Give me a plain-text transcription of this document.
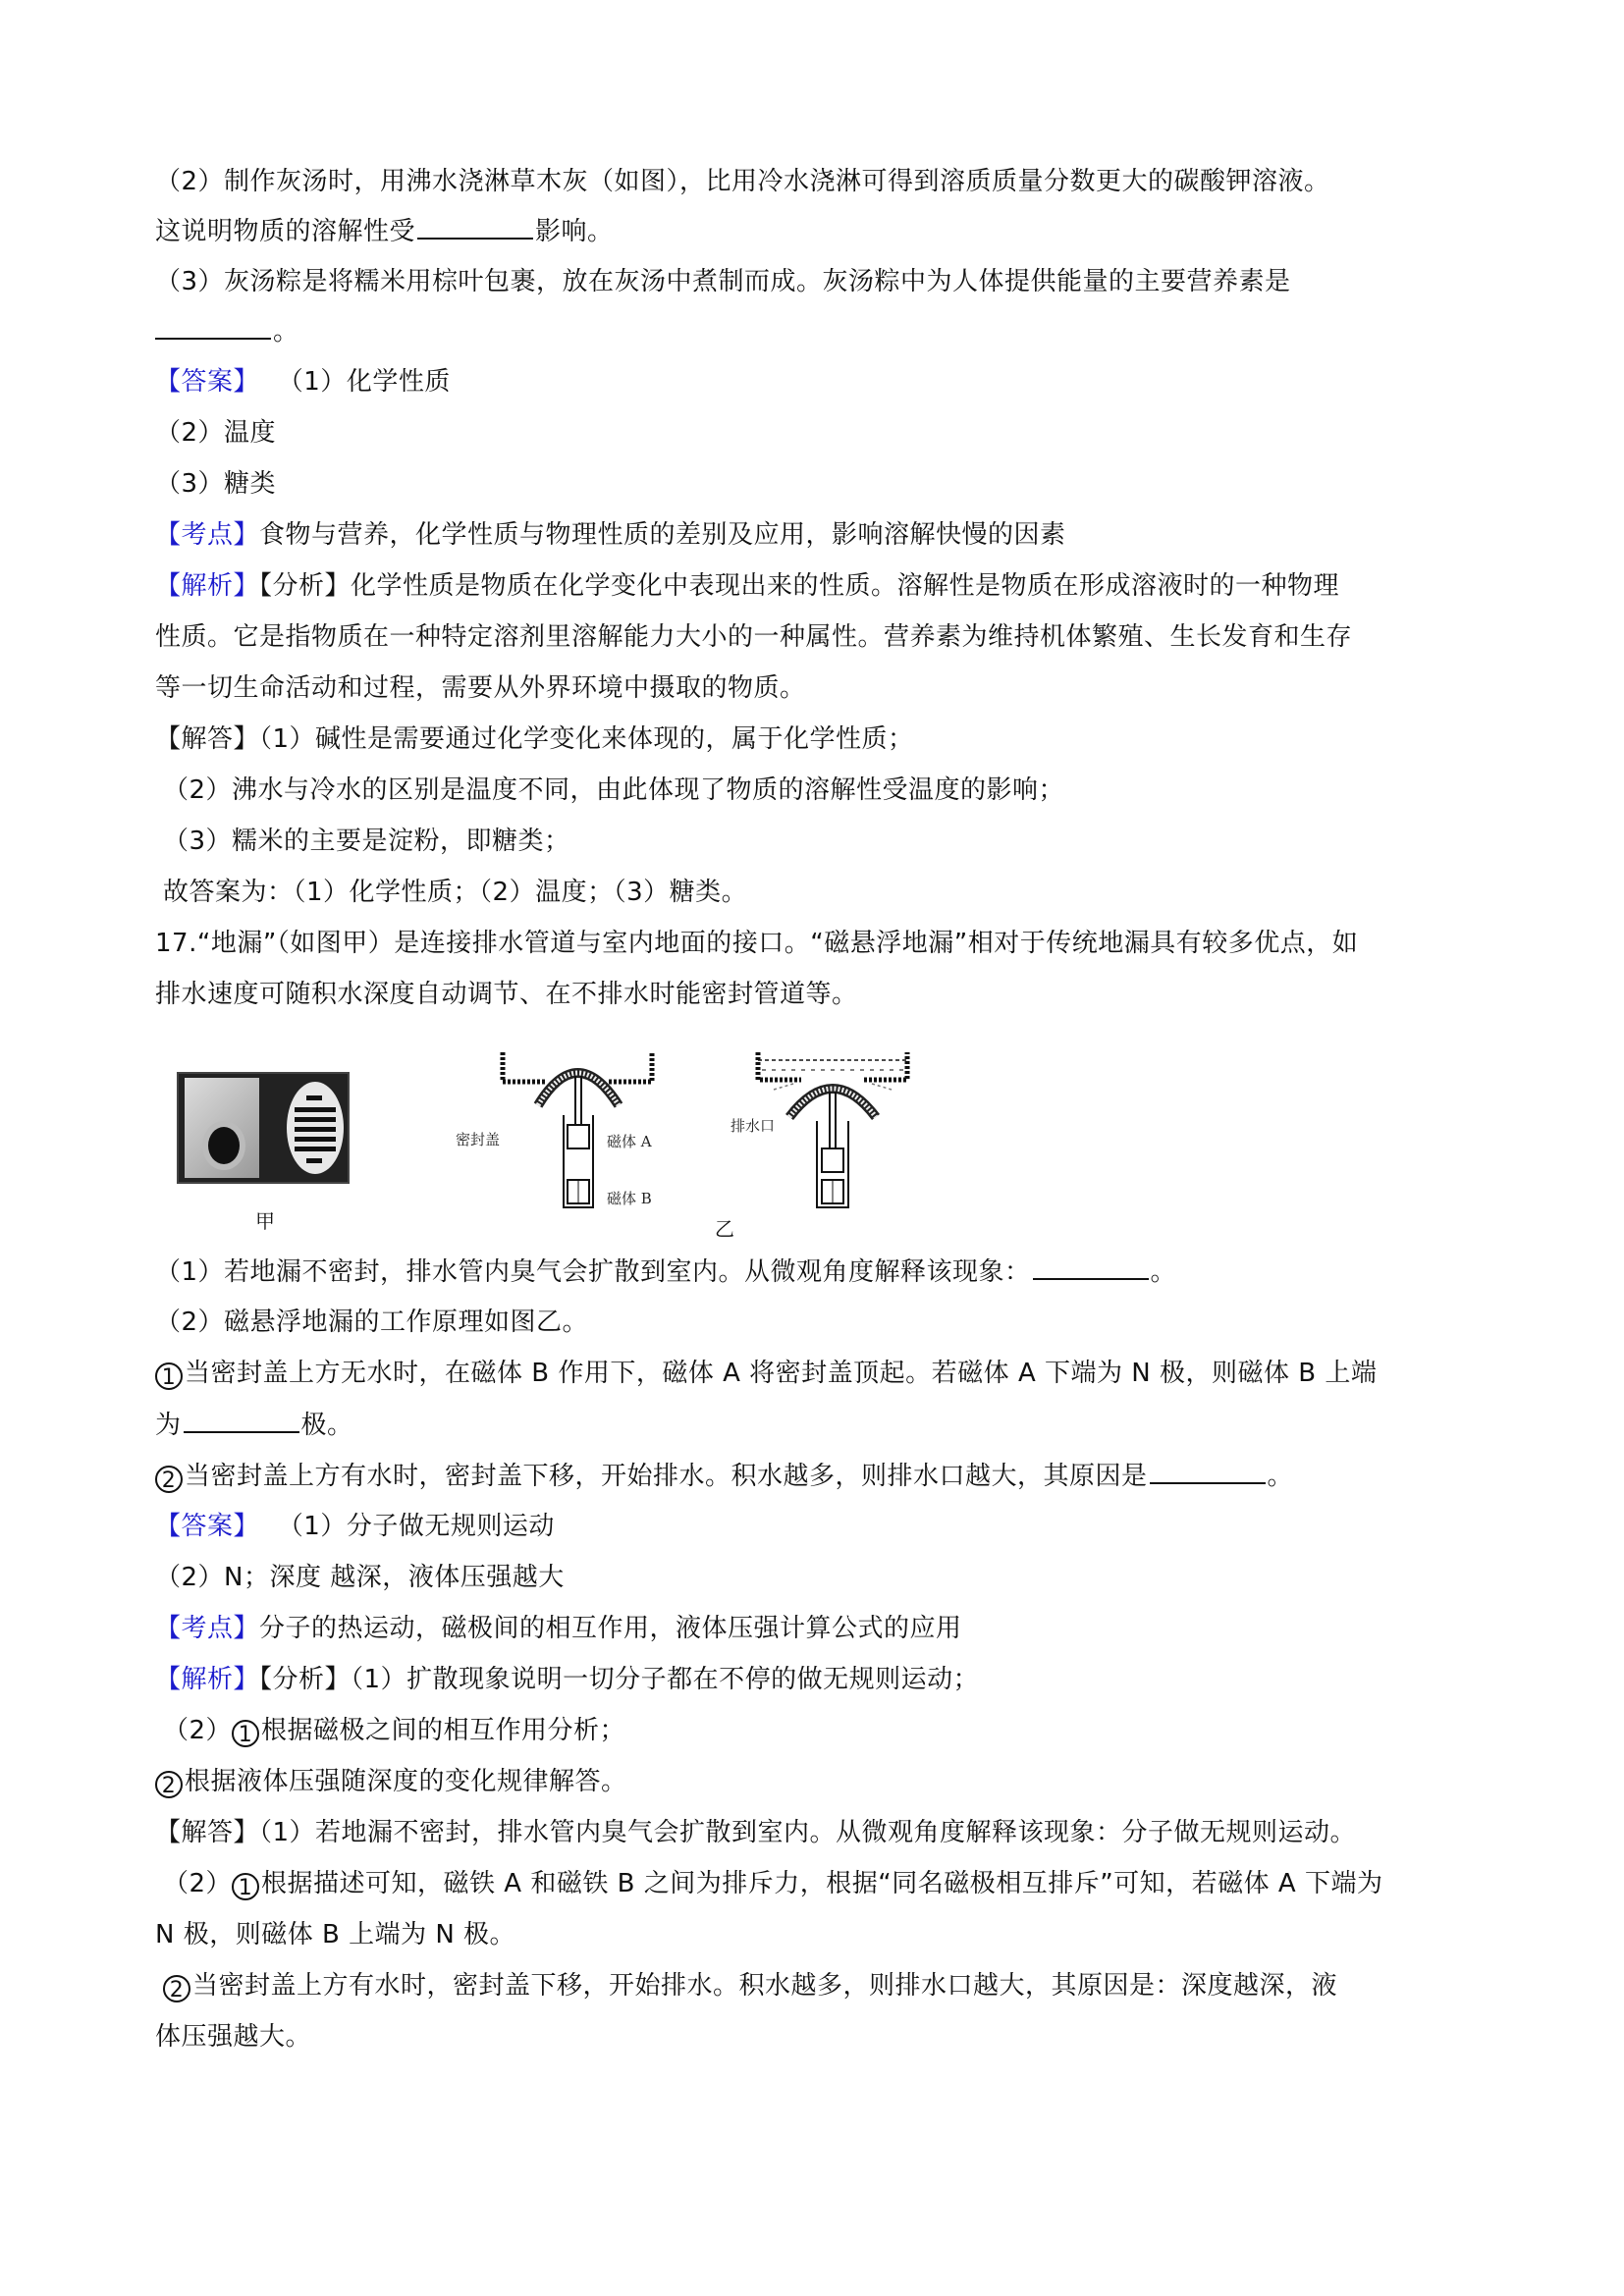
（2）制作灰汤时，用沸水浇淋草木灰（如图），比用冷水浇淋可得到溶质质量分数更大的碳酸钾溶液。
这说明物质的溶解性受	影响。
（3）灰汤粽是将糯米用棕叶包裹，放在灰汤中煮制而成。灰汤粽中为人体提供能量的主要营养素是
。
【答案】 （1）化学性质
（2）温度
（3）糖类
【考点】食物与营养，化学性质与物理性质的差别及应用，影响溶解快慢的因素
【解析】【分析】化学性质是物质在化学变化中表现出来的性质。溶解性是物质在形成溶液时的一种物理
性质。它是指物质在一种特定溶剂里溶解能力大小的一种属性。营养素为维持机体繁殖、生长发育和生存
等一切生命活动和过程，需要从外界环境中摄取的物质。
【解答】（1）碱性是需要通过化学变化来体现的，属于化学性质；
（2）沸水与冷水的区别是温度不同，由此体现了物质的溶解性受温度的影响；
（3）糯米的主要是淀粉，即糖类；
故答案为：（1）化学性质；（2）温度；（3）糖类。
17.“地漏”（如图甲）是连接排水管道与室内地面的接口。“磁悬浮地漏”相对于传统地漏具有较多优点，如
排水速度可随积水深度自动调节、在不排水时能密封管道等。
甲
密封盖	磁体 A
磁体 B
排水口
乙
（1）若地漏不密封，排水管内臭气会扩散到室内。从微观角度解释该现象：	。
（2）磁悬浮地漏的工作原理如图乙。
1 当密封盖上方无水时，在磁体 B 作用下，磁体 A 将密封盖顶起。若磁体 A 下端为 N 极，则磁体 B 上端
为	极。
2 当密封盖上方有水时，密封盖下移，开始排水。积水越多，则排水口越大，其原因是	。
【答案】 （1）分子做无规则运动
（2）N；深度 越深，液体压强越大
【考点】分子的热运动，磁极间的相互作用，液体压强计算公式的应用
【解析】【分析】（1）扩散现象说明一切分子都在不停的做无规则运动；
（2） 1 根据磁极之间的相互作用分析；
2 根据液体压强随深度的变化规律解答。
【解答】（1）若地漏不密封，排水管内臭气会扩散到室内。从微观角度解释该现象：分子做无规则运动。
（2） 1 根据描述可知，磁铁 A 和磁铁 B 之间为排斥力，根据“同名磁极相互排斥”可知，若磁体 A 下端为
N 极，则磁体 B 上端为 N 极。
2 当密封盖上方有水时，密封盖下移，开始排水。积水越多，则排水口越大，其原因是：深度越深，液
体压强越大。
